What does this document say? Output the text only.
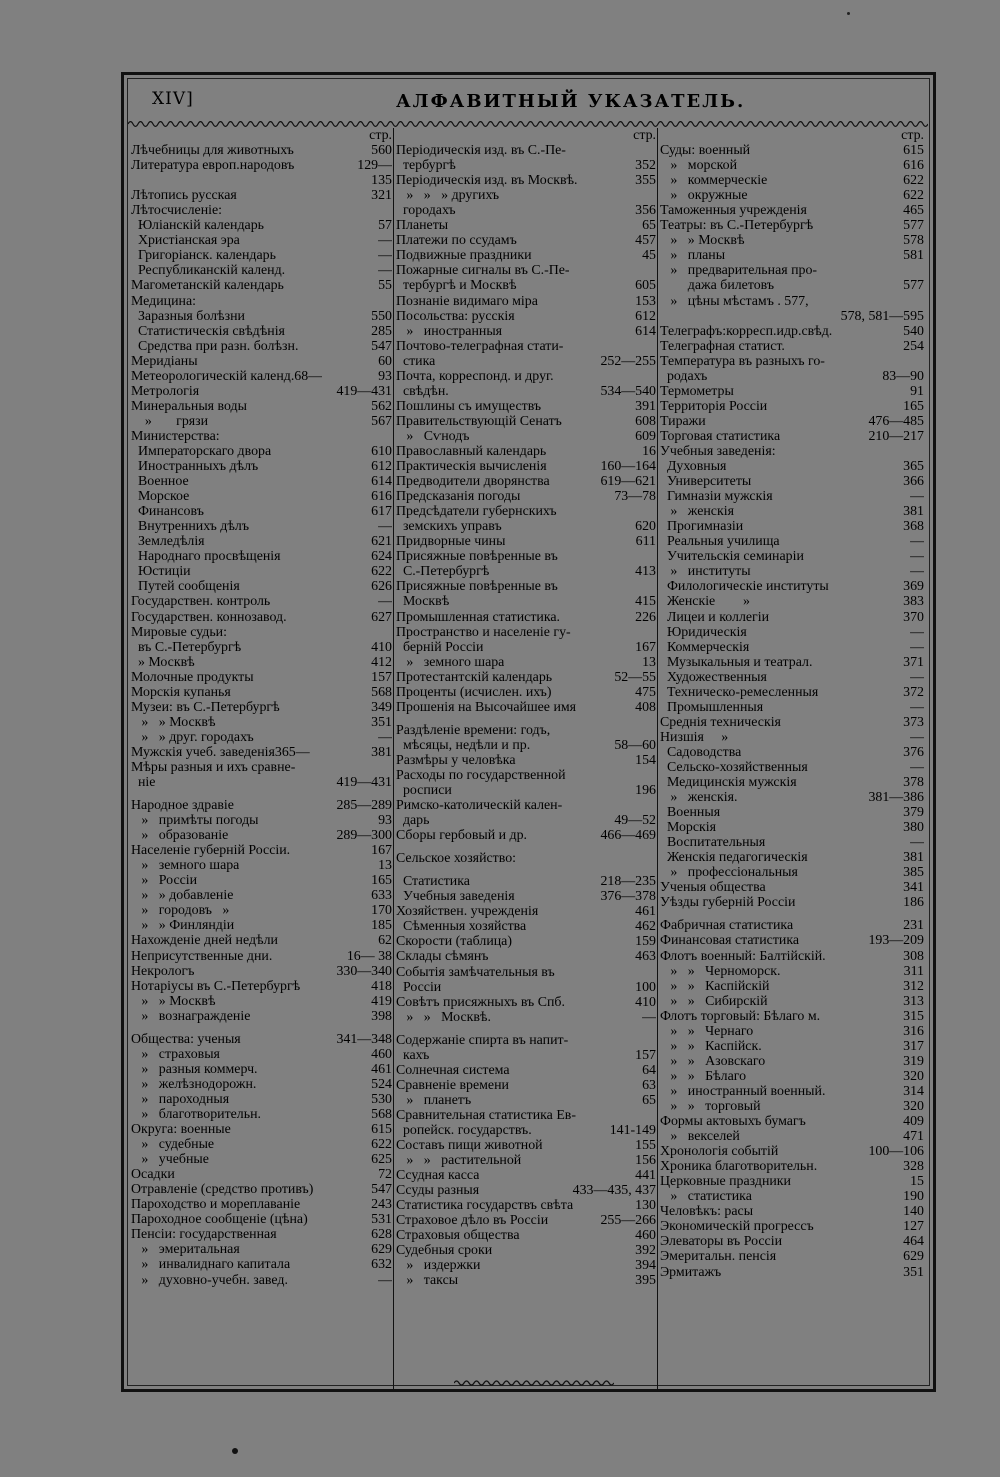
XIV]	АЛФАВИТНЫЙ УКАЗАТЕЛЬ.
стр.
Лѣчебницы для животныхъ	560
Литература европ.народовъ	129—
135
Лѣтопись русская	321
Лѣтосчисленіе:
Юліанскій календарь	57
Христіанская эра	—
Григоріанск. календарь	—
Республиканскій календ.	—
Магометанскій календарь	55
Медицина:
Заразныя болѣзни	550
Статистическія свѣдѣнія	285
Средства при разн. болѣзн.	547
Меридіаны	60
Метеорологическій календ.68—	93
Метрологія	419—431
Минеральныя воды	562
»       грязи	567
Министерства:
Императорскаго двора	610
Иностранныхъ дѣлъ	612
Военное	614
Морское	616
Финансовъ	617
Внутреннихъ дѣлъ	—
Земледѣлія	621
Народнаго просвѣщенія	624
Юстиціи	622
Путей сообщенія	626
Государствен. контроль	—
Государствен. коннозавод.	627
Мировые судьи:
въ С.-Петербургѣ	410
» Москвѣ	412
Молочные продукты	157
Морскія купанья	568
Музеи: въ С.-Петербургѣ	349
»   » Москвѣ	351
»   » друг. городахъ	—
Мужскія учеб. заведенія365—	381
Мѣры разныя и ихъ сравне-
ніе	419—431
Народное здравіе	285—289
»   примѣты погоды	93
»   образованіе	289—300
Населеніе губерній Россіи.	167
»   земного шара	13
»   Россіи	165
»   » добавленіе	633
»   городовъ   »	170
»   » Финляндіи	185
Нахожденіе дней недѣли	62
Неприсутственные дни.	16— 38
Некрологъ	330—340
Нотаріусы въ С.-Петербургѣ	418
»   » Москвѣ	419
»   вознагражденіе	398
Общества: ученыя	341—348
»   страховыя	460
»   разныя коммерч.	461
»   желѣзнодорожн.	524
»   пароходныя	530
»   благотворительн.	568
Округа: военные	615
»   судебные	622
»   учебные	625
Осадки	72
Отравленіе (средство противъ)	547
Пароходство и мореплаваніе	243
Пароходное сообщеніе (цѣна)	531
Пенсіи: государственная	628
»   эмеритальная	629
»   инвалиднаго капитала	632
»   духовно-учебн. завед.	—
стр.
Періодическія изд. въ С.-Пе-
тербургѣ	352
Періодическія изд. въ Москвѣ.	355
»   »   » другихъ
городахъ	356
Планеты	65
Платежи по ссудамъ	457
Подвижные праздники	45
Пожарные сигналы въ С.-Пе-
тербургѣ и Москвѣ	605
Познаніе видимаго міра	153
Посольства: русскія	612
»   иностранныя	614
Почтово-телеграфная стати-
стика	252—255
Почта, корреспонд. и друг.
свѣдѣн.	534—540
Пошлины съ имуществъ	391
Правительствующій Сенатъ	608
»   Сѵнодъ	609
Православный календарь	16
Практическія вычисленія	160—164
Предводители дворянства	619—621
Предсказанія погоды	73—78
Предсѣдатели губернскихъ
земскихъ управъ	620
Придворные чины	611
Присяжные повѣренные въ
С.-Петербургѣ	413
Присяжные повѣренные въ
Москвѣ	415
Промышленная статистика.	226
Пространство и населеніе гу-
берній Россіи	167
»   земного шара	13
Протестантскій календарь	52—55
Проценты (исчислен. ихъ)	475
Прошенія на Высочайшее имя	408
Раздѣленіе времени: годъ,
мѣсяцы, недѣли и пр.	58—60
Размѣры у человѣка	154
Расходы по государственной
росписи	196
Римско-католическій кален-
дарь	49—52
Сборы гербовый и др.	466—469
Сельское хозяйство:
Статистика	218—235
Учебныя заведенія	376—378
Хозяйствен. учрежденія	461
Сѣменныя хозяйства	462
Скорости (таблица)	159
Склады сѣмянъ	463
Событія замѣчательныя въ
Россіи	100
Совѣтъ присяжныхъ въ Спб.	410
»   »   Москвѣ.	—
Содержаніе спирта въ напит-
кахъ	157
Солнечная система	64
Сравненіе времени	63
»   планетъ	65
Сравнительная статистика Ев-
ропейск. государствъ.	141-149
Составъ пищи животной	155
»   »   растительной	156
Ссудная касса	441
Ссуды разныя	433—435, 437
Статистика государствъ свѣта	130
Страховое дѣло въ Россіи	255—266
Страховыя общества	460
Судебныя сроки	392
»   издержки	394
»   таксы	395
стр.
Суды: военный	615
»   морской	616
»   коммерческіе	622
»   окружные	622
Таможенныя учрежденія	465
Театры: въ С.-Петербургѣ	577
»   » Москвѣ	578
»   планы	581
»   предварительная про-
дажа билетовъ	577
»   цѣны мѣстамъ . 577,
578, 581—595
Телеграфъ:корресп.идр.свѣд.	540
Телеграфная статист.	254
Температура въ разныхъ го-
родахъ	83—90
Термометры	91
Территорія Россіи	165
Тиражи	476—485
Торговая статистика	210—217
Учебныя заведенія:
Духовныя	365
Университеты	366
Гимназіи мужскія	—
»   женскія	381
Прогимназіи	368
Реальныя училища	—
Учительскія семинаріи	—
»   институты	—
Филологическіе институты	369
Женскіе        »	383
Лицеи и коллегіи	370
Юридическія	—
Коммерческія	—
Музыкальныя и театрал.	371
Художественныя	—
Техническо-ремесленныя	372
Промышленныя	—
Среднія техническія	373
Низшія     »	—
Садоводства	376
Сельско-хозяйственныя	—
Медицинскія мужскія	378
»   женскія.	381—386
Военныя	379
Морскія	380
Воспитательныя	—
Женскія педагогическія	381
»   профессіональныя	385
Ученыя общества	341
Уѣзды губерній Россіи	186
Фабричная статистика	231
Финансовая статистика	193—209
Флотъ военный: Балтійскій.	308
»   »   Черноморск.	311
»   »   Каспійскій	312
»   »   Сибирскій	313
Флотъ торговый: Бѣлаго м.	315
»   »   Чернаго	316
»   »   Каспійск.	317
»   »   Азовскаго	319
»   »   Бѣлаго	320
»   иностранный военный.	314
»   »   торговый	320
Формы актовыхъ бумагъ	409
»   векселей	471
Хронологія событій	100—106
Хроника благотворительн.	328
Церковные праздники	15
»   статистика	190
Человѣкъ: расы	140
Экономическій прогрессъ	127
Элеваторы въ Россіи	464
Эмеритальн. пенсія	629
Эрмитажъ	351
